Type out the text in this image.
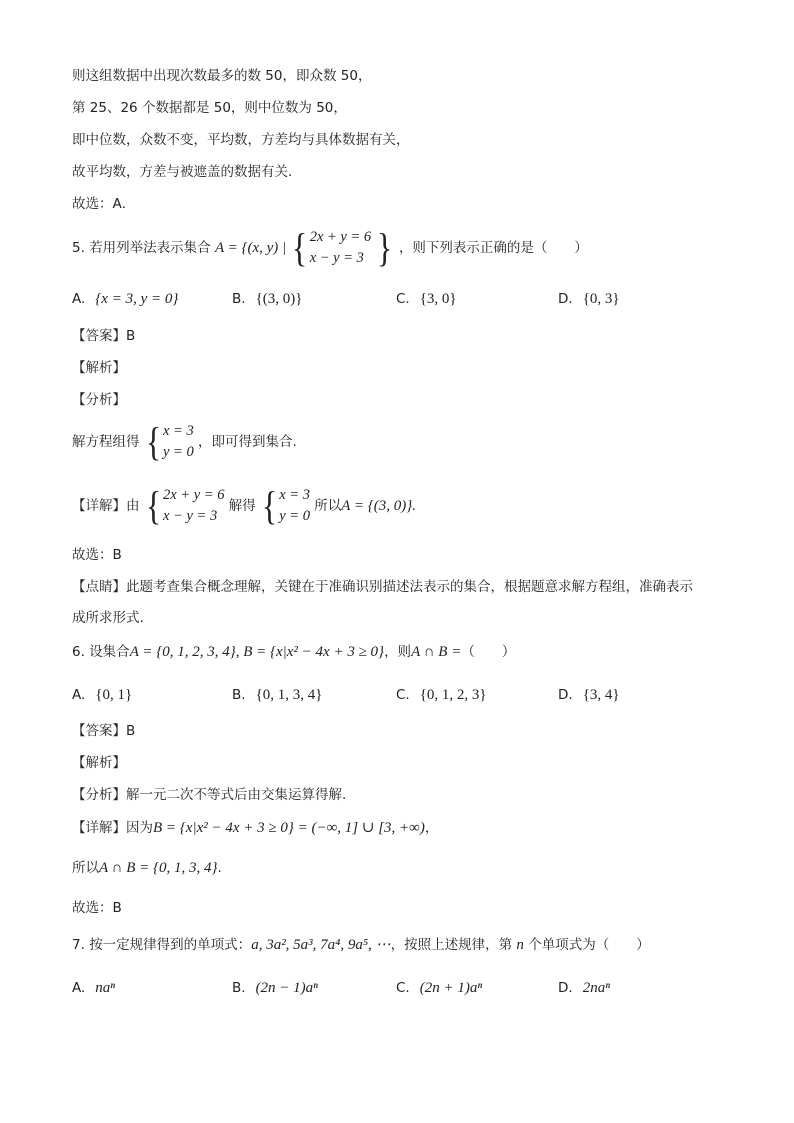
则这组数据中出现次数最多的数 50，即众数 50，
第 25、26 个数据都是 50，则中位数为 50，
即中位数，众数不变，平均数，方差均与具体数据有关，
故平均数，方差与被遮盖的数据有关.
故选：A．
5. 若用列举法表示集合 A = {(x, y) | { 2x + y = 6
x − y = 3 } ，则下列表示正确的是（　　）
A. {x = 3, y = 0}	B. {(3, 0)}	C. {3, 0}	D. {0, 3}
【答案】B
【解析】
【分析】
解方程组得 { x = 3
y = 0
，即可得到集合.
【详解】由 { 2x + y = 6
x − y = 3
解得 { x = 3
y = 0
所以A = {(3, 0)}.
故选：B
【点睛】此题考查集合概念理解，关键在于准确识别描述法表示的集合，根据题意求解方程组，准确表示
成所求形式.
6. 设集合A = {0, 1, 2, 3, 4}, B = {x|x² − 4x + 3 ≥ 0}，则A ∩ B =（　　）
A. {0, 1}	B. {0, 1, 3, 4}	C. {0, 1, 2, 3}	D. {3, 4}
【答案】B
【解析】
【分析】解一元二次不等式后由交集运算得解.
【详解】因为B = {x|x² − 4x + 3 ≥ 0} = (−∞, 1] ∪ [3, +∞)，
所以A ∩ B = {0, 1, 3, 4}.
故选：B
7. 按一定规律得到的单项式：a, 3a², 5a³, 7a⁴, 9a⁵, ⋯，按照上述规律，第 n 个单项式为（　　）
A. naⁿ	B. (2n − 1)aⁿ	C. (2n + 1)aⁿ	D. 2naⁿ
